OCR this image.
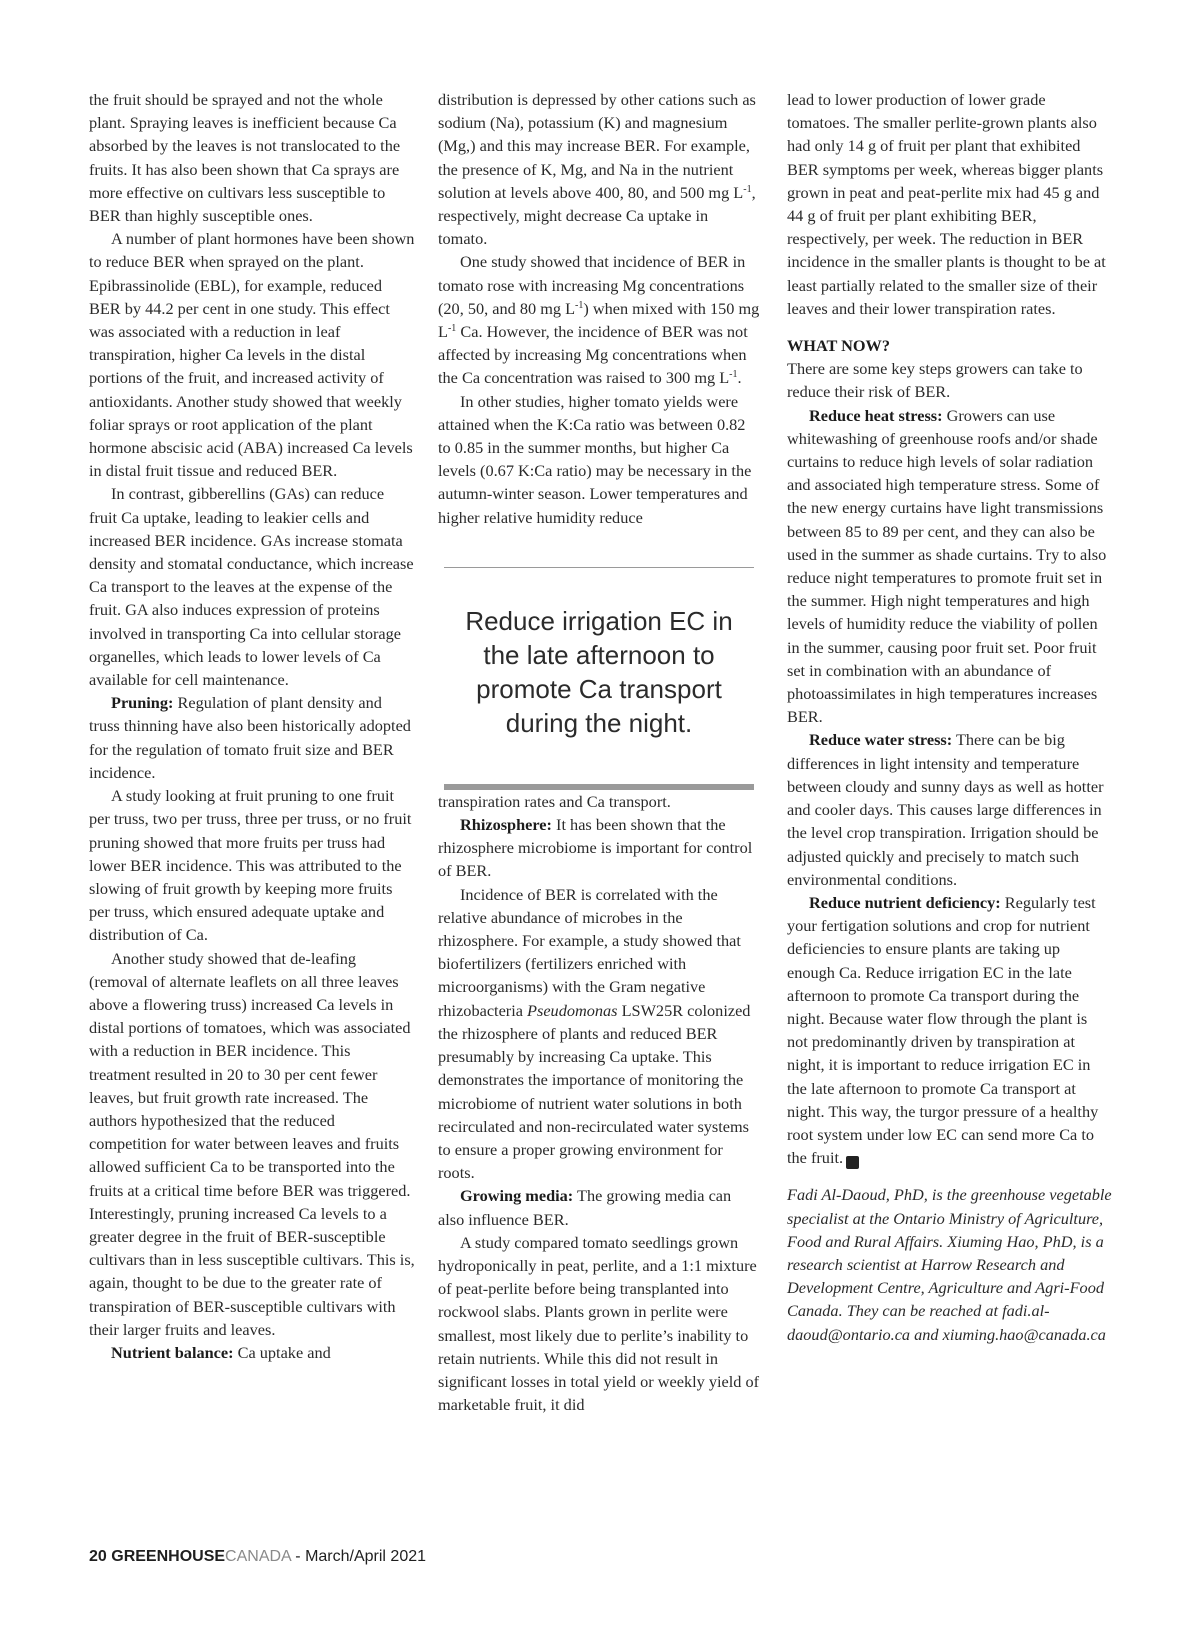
the fruit should be sprayed and not the whole plant. Spraying leaves is inefficient because Ca absorbed by the leaves is not translocated to the fruits. It has also been shown that Ca sprays are more effective on cultivars less susceptible to BER than highly susceptible ones.

A number of plant hormones have been shown to reduce BER when sprayed on the plant. Epibrassinolide (EBL), for example, reduced BER by 44.2 per cent in one study. This effect was associated with a reduction in leaf transpiration, higher Ca levels in the distal portions of the fruit, and increased activity of antioxidants. Another study showed that weekly foliar sprays or root application of the plant hormone abscisic acid (ABA) increased Ca levels in distal fruit tissue and reduced BER.

In contrast, gibberellins (GAs) can reduce fruit Ca uptake, leading to leakier cells and increased BER incidence. GAs increase stomata density and stomatal conductance, which increase Ca transport to the leaves at the expense of the fruit. GA also induces expression of proteins involved in transporting Ca into cellular storage organelles, which leads to lower levels of Ca available for cell maintenance.

Pruning: Regulation of plant density and truss thinning have also been historically adopted for the regulation of tomato fruit size and BER incidence.

A study looking at fruit pruning to one fruit per truss, two per truss, three per truss, or no fruit pruning showed that more fruits per truss had lower BER incidence. This was attributed to the slowing of fruit growth by keeping more fruits per truss, which ensured adequate uptake and distribution of Ca.

Another study showed that de-leafing (removal of alternate leaflets on all three leaves above a flowering truss) increased Ca levels in distal portions of tomatoes, which was associated with a reduction in BER incidence. This treatment resulted in 20 to 30 per cent fewer leaves, but fruit growth rate increased. The authors hypothesized that the reduced competition for water between leaves and fruits allowed sufficient Ca to be transported into the fruits at a critical time before BER was triggered. Interestingly, pruning increased Ca levels to a greater degree in the fruit of BER-susceptible cultivars than in less susceptible cultivars. This is, again, thought to be due to the greater rate of transpiration of BER-susceptible cultivars with their larger fruits and leaves.

Nutrient balance: Ca uptake and

distribution is depressed by other cations such as sodium (Na), potassium (K) and magnesium (Mg,) and this may increase BER. For example, the presence of K, Mg, and Na in the nutrient solution at levels above 400, 80, and 500 mg $L^{-1}$, respectively, might decrease Ca uptake in tomato.

One study showed that incidence of BER in tomato rose with increasing Mg concentrations (20, 50, and 80 mg $L^{-1}$) when mixed with 150 mg $L^{-1}$ Ca. However, the incidence of BER was not affected by increasing Mg concentrations when the Ca concentration was raised to 300 mg $L^{-1}$.

In other studies, higher tomato yields were attained when the K:Ca ratio was between 0.82 to 0.85 in the summer months, but higher Ca levels (0.67 K:Ca ratio) may be necessary in the autumn-winter season. Lower temperatures and higher relative humidity reduce

Reduce irrigation EC in the late afternoon to promote Ca transport during the night.

transpiration rates and Ca transport.

Rhizosphere: It has been shown that the rhizosphere microbiome is important for control of BER.

Incidence of BER is correlated with the relative abundance of microbes in the rhizosphere. For example, a study showed that biofertilizers (fertilizers enriched with microorganisms) with the Gram negative rhizobacteria Pseudomonas LSW25R colonized the rhizosphere of plants and reduced BER presumably by increasing Ca uptake. This demonstrates the importance of monitoring the microbiome of nutrient water solutions in both recirculated and non-recirculated water systems to ensure a proper growing environment for roots.

Growing media: The growing media can also influence BER.

A study compared tomato seedlings grown hydroponically in peat, perlite, and a 1:1 mixture of peat-perlite before being transplanted into rockwool slabs. Plants grown in perlite were smallest, most likely due to perlite’s inability to retain nutrients. While this did not result in significant losses in total yield or weekly yield of marketable fruit, it did

lead to lower production of lower grade tomatoes. The smaller perlite-grown plants also had only 14 g of fruit per plant that exhibited BER symptoms per week, whereas bigger plants grown in peat and peat-perlite mix had 45 g and 44 g of fruit per plant exhibiting BER, respectively, per week. The reduction in BER incidence in the smaller plants is thought to be at least partially related to the smaller size of their leaves and their lower transpiration rates.

WHAT NOW?

There are some key steps growers can take to reduce their risk of BER.

Reduce heat stress: Growers can use whitewashing of greenhouse roofs and/or shade curtains to reduce high levels of solar radiation and associated high temperature stress. Some of the new energy curtains have light transmissions between 85 to 89 per cent, and they can also be used in the summer as shade curtains. Try to also reduce night temperatures to promote fruit set in the summer. High night temperatures and high levels of humidity reduce the viability of pollen in the summer, causing poor fruit set. Poor fruit set in combination with an abundance of photoassimilates in high temperatures increases BER.

Reduce water stress: There can be big differences in light intensity and temperature between cloudy and sunny days as well as hotter and cooler days. This causes large differences in the level crop transpiration. Irrigation should be adjusted quickly and precisely to match such environmental conditions.

Reduce nutrient deficiency: Regularly test your fertigation solutions and crop for nutrient deficiencies to ensure plants are taking up enough Ca. Reduce irrigation EC in the late afternoon to promote Ca transport during the night. Because water flow through the plant is not predominantly driven by transpiration at night, it is important to reduce irrigation EC in the late afternoon to promote Ca transport at night. This way, the turgor pressure of a healthy root system under low EC can send more Ca to the fruit.	GC

Fadi Al-Daoud, PhD, is the greenhouse vegetable specialist at the Ontario Ministry of Agriculture, Food and Rural Affairs. Xiuming Hao, PhD, is a research scientist at Harrow Research and Development Centre, Agriculture and Agri-Food Canada. They can be reached at fadi.al-daoud@ontario.ca and xiuming.hao@canada.ca

20 GREENHOUSECANADA - March/April 2021
